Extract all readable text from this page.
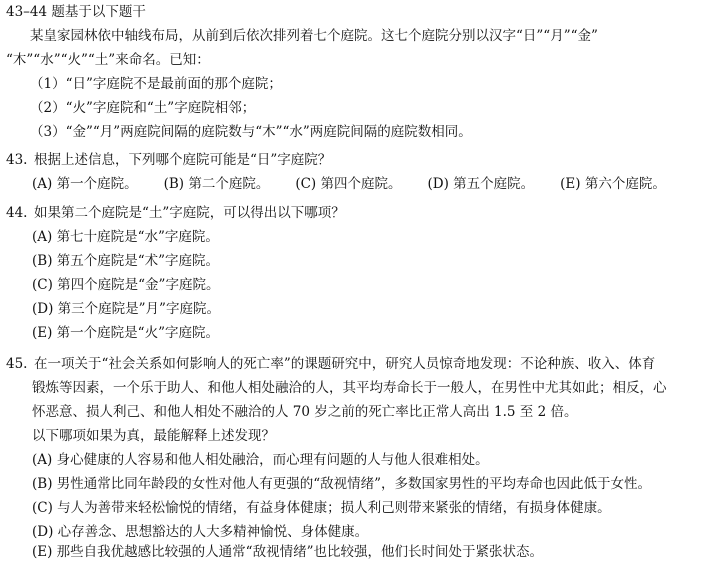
43–44 题基于以下题干
某皇家园林依中轴线布局，从前到后依次排列着七个庭院。这七个庭院分别以汉字“日”“月”“金”
“木”“水”“火”“土”来命名。已知：
（1）“日”字庭院不是最前面的那个庭院；
（2）“火”字庭院和“土”字庭院相邻；
（3）“金”“月”两庭院间隔的庭院数与“木”“水”两庭院间隔的庭院数相同。
43. 根据上述信息，下列哪个庭院可能是“日”字庭院？
(A) 第一个庭院。 (B) 第二个庭院。 (C) 第四个庭院。 (D) 第五个庭院。 (E) 第六个庭院。
44. 如果第二个庭院是“土”字庭院，可以得出以下哪项？
(A) 第七十庭院是“水”字庭院。
(B) 第五个庭院是“术”字庭院。
(C) 第四个庭院是“金”字庭院。
(D) 第三个庭院是”月”字庭院。
(E) 第一个庭院是“火”字庭院。
45. 在一项关于“社会关系如何影响人的死亡率”的课题研究中，研究人员惊奇地发现：不论种族、收入、体育
锻炼等因素，一个乐于助人、和他人相处融洽的人，其平均寿命长于一般人，在男性中尤其如此；相反，心
怀恶意、损人利己、和他人相处不融洽的人 70 岁之前的死亡率比正常人高出 1.5 至 2 倍。
以下哪项如果为真，最能解释上述发现？
(A) 身心健康的人容易和他人相处融洽，而心理有问题的人与他人很难相处。
(B) 男性通常比同年龄段的女性对他人有更强的“敌视情绪”，多数国家男性的平均寿命也因此低于女性。
(C) 与人为善带来轻松愉悦的情绪，有益身体健康；损人利己则带来紧张的情绪，有损身体健康。
(D) 心存善念、思想豁达的人大多精神愉悦、身体健康。
(E) 那些自我优越感比较强的人通常“敌视情绪”也比较强，他们长时间处于紧张状态。
